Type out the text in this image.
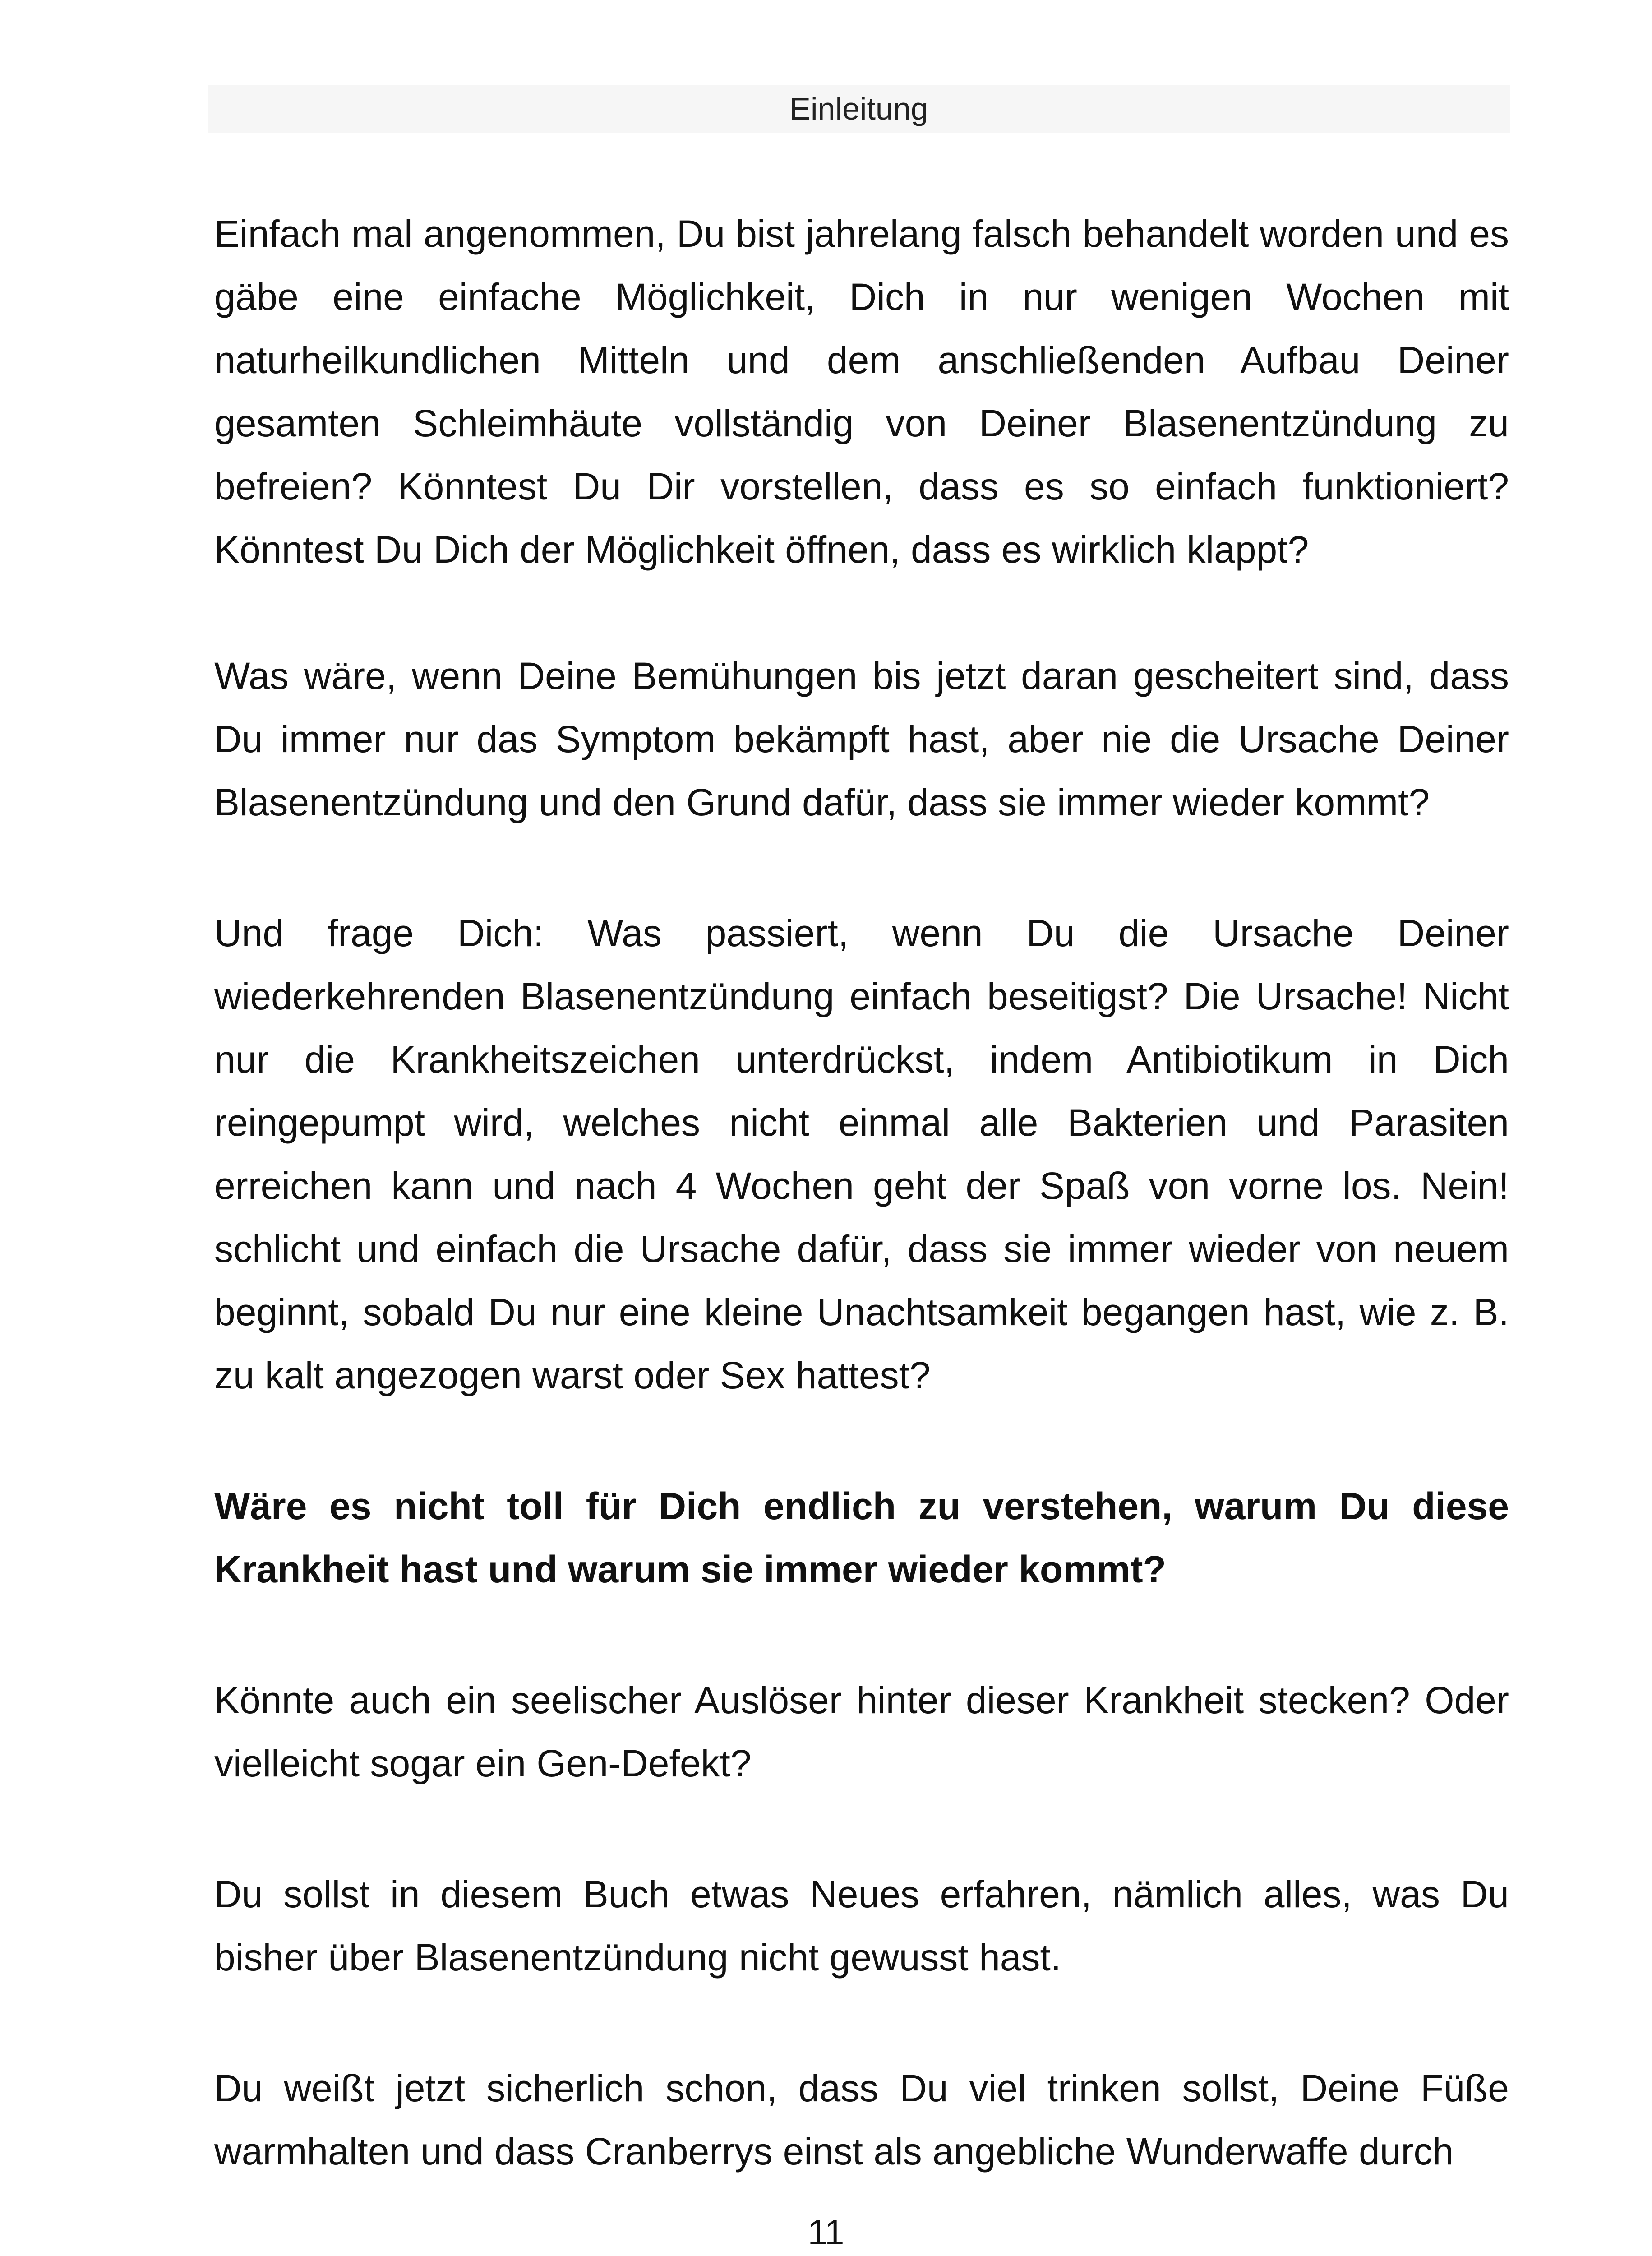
Einleitung

Einfach mal angenommen, Du bist jahrelang falsch behandelt worden und es gäbe eine einfache Möglichkeit, Dich in nur wenigen Wochen mit naturheilkundlichen Mitteln und dem anschließenden Aufbau Deiner gesamten Schleimhäute vollständig von Deiner Blasenentzündung zu befreien? Könntest Du Dir vorstellen, dass es so einfach funktioniert? Könntest Du Dich der Möglichkeit öffnen, dass es wirklich klappt?

Was wäre, wenn Deine Bemühungen bis jetzt daran gescheitert sind, dass Du immer nur das Symptom bekämpft hast, aber nie die Ursache Deiner Blasenentzündung und den Grund dafür, dass sie immer wieder kommt?

Und frage Dich: Was passiert, wenn Du die Ursache Deiner wiederkehrenden Blasenentzündung einfach beseitigst? Die Ursache! Nicht nur die Krankheitszeichen unterdrückst, indem Antibiotikum in Dich reingepumpt wird, welches nicht einmal alle Bakterien und Parasiten erreichen kann und nach 4 Wochen geht der Spaß von vorne los. Nein! schlicht und einfach die Ursache dafür, dass sie immer wieder von neuem beginnt, sobald Du nur eine kleine Unachtsamkeit begangen hast, wie z. B. zu kalt angezogen warst oder Sex hattest?

Wäre es nicht toll für Dich endlich zu verstehen, warum Du diese Krankheit hast und warum sie immer wieder kommt?

Könnte auch ein seelischer Auslöser hinter dieser Krankheit stecken? Oder vielleicht sogar ein Gen-Defekt?

Du sollst in diesem Buch etwas Neues erfahren, nämlich alles, was Du bisher über Blasenentzündung nicht gewusst hast.

Du weißt jetzt sicherlich schon, dass Du viel trinken sollst, Deine Füße warmhalten und dass Cranberrys einst als angebliche Wunderwaffe durch

11
